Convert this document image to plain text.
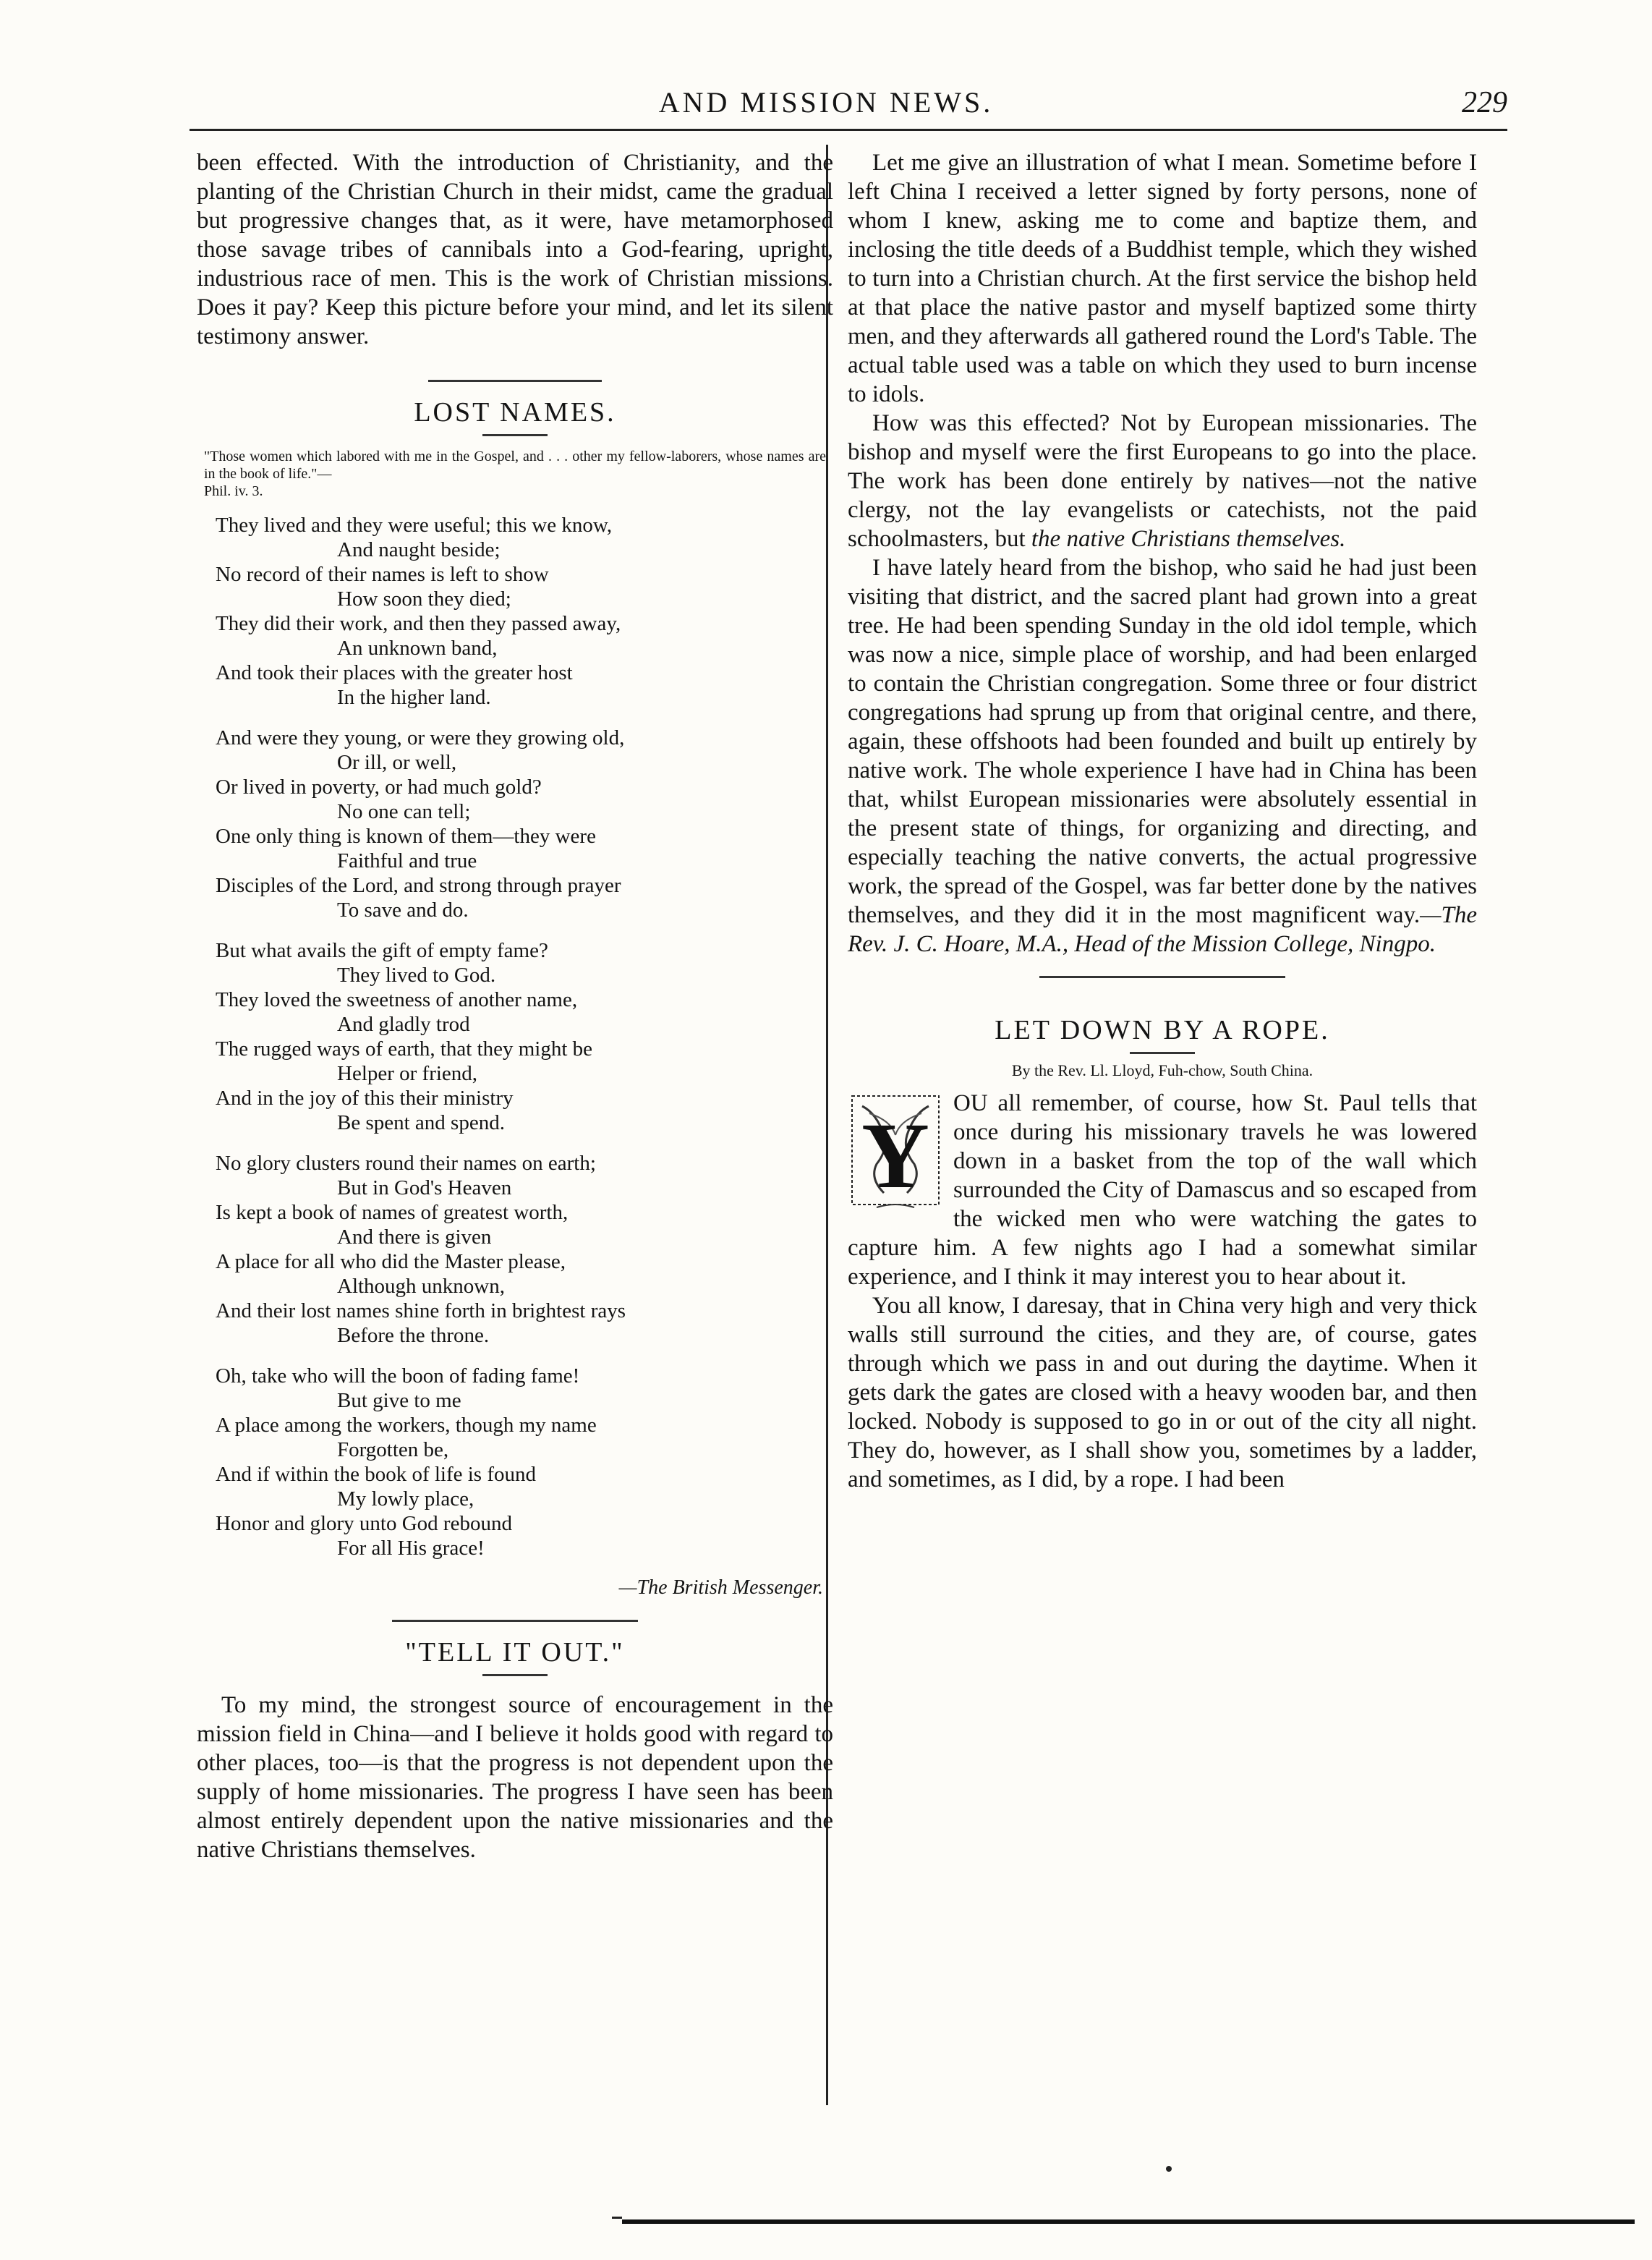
AND MISSION NEWS.	229

been effected. With the introduction of Christianity, and the planting of the Christian Church in their midst, came the gradual but progressive changes that, as it were, have metamorphosed those savage tribes of cannibals into a God-fearing, upright, industrious race of men. This is the work of Christian missions. Does it pay? Keep this picture before your mind, and let its silent testimony answer.

LOST NAMES.
"Those women which labored with me in the Gospel, and . . . other my fellow-laborers, whose names are in the book of life."—
Phil. iv. 3.
They lived and they were useful; this we know,
And naught beside;
No record of their names is left to show
How soon they died;
They did their work, and then they passed away,
An unknown band,
And took their places with the greater host
In the higher land.
And were they young, or were they growing old,
Or ill, or well,
Or lived in poverty, or had much gold?
No one can tell;
One only thing is known of them—they were
Faithful and true
Disciples of the Lord, and strong through prayer
To save and do.
But what avails the gift of empty fame?
They lived to God.
They loved the sweetness of another name,
And gladly trod
The rugged ways of earth, that they might be
Helper or friend,
And in the joy of this their ministry
Be spent and spend.
No glory clusters round their names on earth;
But in God's Heaven
Is kept a book of names of greatest worth,
And there is given
A place for all who did the Master please,
Although unknown,
And their lost names shine forth in brightest rays
Before the throne.
Oh, take who will the boon of fading fame!
But give to me
A place among the workers, though my name
Forgotten be,
And if within the book of life is found
My lowly place,
Honor and glory unto God rebound
For all His grace!
—The British Messenger.
"TELL IT OUT."

To my mind, the strongest source of encouragement in the mission field in China—and I believe it holds good with regard to other places, too—is that the progress is not dependent upon the supply of home missionaries. The progress I have seen has been almost entirely dependent upon the native missionaries and the native Christians themselves.

Let me give an illustration of what I mean. Sometime before I left China I received a letter signed by forty persons, none of whom I knew, asking me to come and baptize them, and inclosing the title deeds of a Buddhist temple, which they wished to turn into a Christian church. At the first service the bishop held at that place the native pastor and myself baptized some thirty men, and they afterwards all gathered round the Lord's Table. The actual table used was a table on which they used to burn incense to idols.

How was this effected? Not by European missionaries. The bishop and myself were the first Europeans to go into the place. The work has been done entirely by natives—not the native clergy, not the lay evangelists or catechists, not the paid schoolmasters, but the native Christians themselves.

I have lately heard from the bishop, who said he had just been visiting that district, and the sacred plant had grown into a great tree. He had been spending Sunday in the old idol temple, which was now a nice, simple place of worship, and had been enlarged to contain the Christian congregation. Some three or four district congregations had sprung up from that original centre, and there, again, these offshoots had been founded and built up entirely by native work. The whole experience I have had in China has been that, whilst European missionaries were absolutely essential in the present state of things, for organizing and directing, and especially teaching the native converts, the actual progressive work, the spread of the Gospel, was far better done by the natives themselves, and they did it in the most magnificent way.—The Rev. J. C. Hoare, M.A., Head of the Mission College, Ningpo.

LET DOWN BY A ROPE.
By the Rev. Ll. Lloyd, Fuh-chow, South China.

Y
OU all remember, of course, how St. Paul tells that once during his missionary travels he was lowered down in a basket from the top of the wall which surrounded the City of Damascus and so escaped from the wicked men who were watching the gates to capture him. A few nights ago I had a somewhat similar experience, and I think it may interest you to hear about it.

You all know, I daresay, that in China very high and very thick walls still surround the cities, and they are, of course, gates through which we pass in and out during the daytime. When it gets dark the gates are closed with a heavy wooden bar, and then locked. Nobody is supposed to go in or out of the city all night. They do, however, as I shall show you, sometimes by a ladder, and sometimes, as I did, by a rope. I had been
